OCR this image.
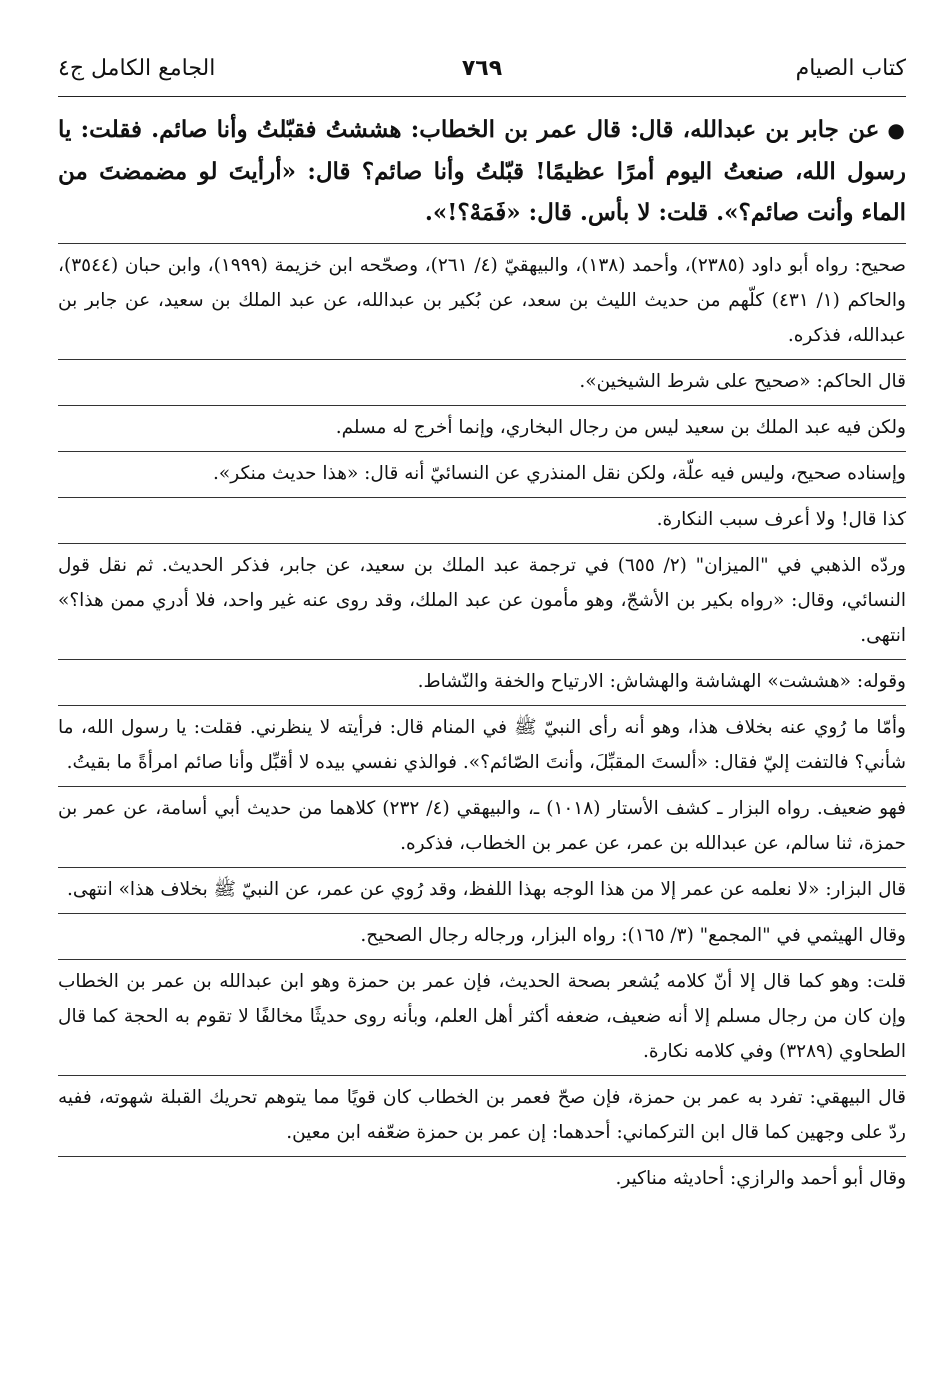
كتاب الصيام
٧٦٩
الجامع الكامل ج٤
●عن جابر بن عبدالله، قال: قال عمر بن الخطاب: هششتُ فقبّلتُ وأنا صائم. فقلت: يا رسول الله، صنعتُ اليوم أمرًا عظيمًا! قبّلتُ وأنا صائم؟ قال: «أرأيتَ لو مضمضتَ من الماء وأنت صائم؟». قلت: لا بأس. قال: «فَمَهْ؟!».
صحيح: رواه أبو داود (٢٣٨٥)، وأحمد (١٣٨)، والبيهقيّ (٤/ ٢٦١)، وصحّحه ابن خزيمة (١٩٩٩)، وابن حبان (٣٥٤٤)، والحاكم (١/ ٤٣١) كلّهم من حديث الليث بن سعد، عن بُكير بن عبدالله، عن عبد الملك بن سعيد، عن جابر بن عبدالله، فذكره.
قال الحاكم: «صحيح على شرط الشيخين».
ولكن فيه عبد الملك بن سعيد ليس من رجال البخاري، وإنما أخرج له مسلم.
وإسناده صحيح، وليس فيه علّة، ولكن نقل المنذري عن النسائيّ أنه قال: «هذا حديث منكر».
كذا قال! ولا أعرف سبب النكارة.
وردّه الذهبي في "الميزان" (٢/ ٦٥٥) في ترجمة عبد الملك بن سعيد، عن جابر، فذكر الحديث. ثم نقل قول النسائي، وقال: «رواه بكير بن الأشجّ، وهو مأمون عن عبد الملك، وقد روى عنه غير واحد، فلا أدري ممن هذا؟» انتهى.
وقوله: «هششت» الهشاشة والهشاش: الارتياح والخفة والنّشاط.
وأمّا ما رُوي عنه بخلاف هذا، وهو أنه رأى النبيّ ﷺ في المنام قال: فرأيته لا ينظرني. فقلت: يا رسول الله، ما شأني؟ فالتفت إليّ فقال: «ألستَ المقبِّلَ، وأنتَ الصّائم؟». فوالذي نفسي بيده لا أقبِّل وأنا صائم امرأةً ما بقيتُ.
فهو ضعيف. رواه البزار ـ كشف الأستار (١٠١٨) ـ، والبيهقي (٤/ ٢٣٢) كلاهما من حديث أبي أسامة، عن عمر بن حمزة، ثنا سالم، عن عبدالله بن عمر، عن عمر بن الخطاب، فذكره.
قال البزار: «لا نعلمه عن عمر إلا من هذا الوجه بهذا اللفظ، وقد رُوي عن عمر، عن النبيّ ﷺ بخلاف هذا» انتهى.
وقال الهيثمي في "المجمع" (٣/ ١٦٥): رواه البزار، ورجاله رجال الصحيح.
قلت: وهو كما قال إلا أنّ كلامه يُشعر بصحة الحديث، فإن عمر بن حمزة وهو ابن عبدالله بن عمر بن الخطاب وإن كان من رجال مسلم إلا أنه ضعيف، ضعفه أكثر أهل العلم، وبأنه روى حديثًا مخالفًا لا تقوم به الحجة كما قال الطحاوي (٣٢٨٩) وفي كلامه نكارة.
قال البيهقي: تفرد به عمر بن حمزة، فإن صحّ فعمر بن الخطاب كان قويًا مما يتوهم تحريك القبلة شهوته، ففيه ردّ على وجهين كما قال ابن التركماني: أحدهما: إن عمر بن حمزة ضعّفه ابن معين.
وقال أبو أحمد والرازي: أحاديثه مناكير.
